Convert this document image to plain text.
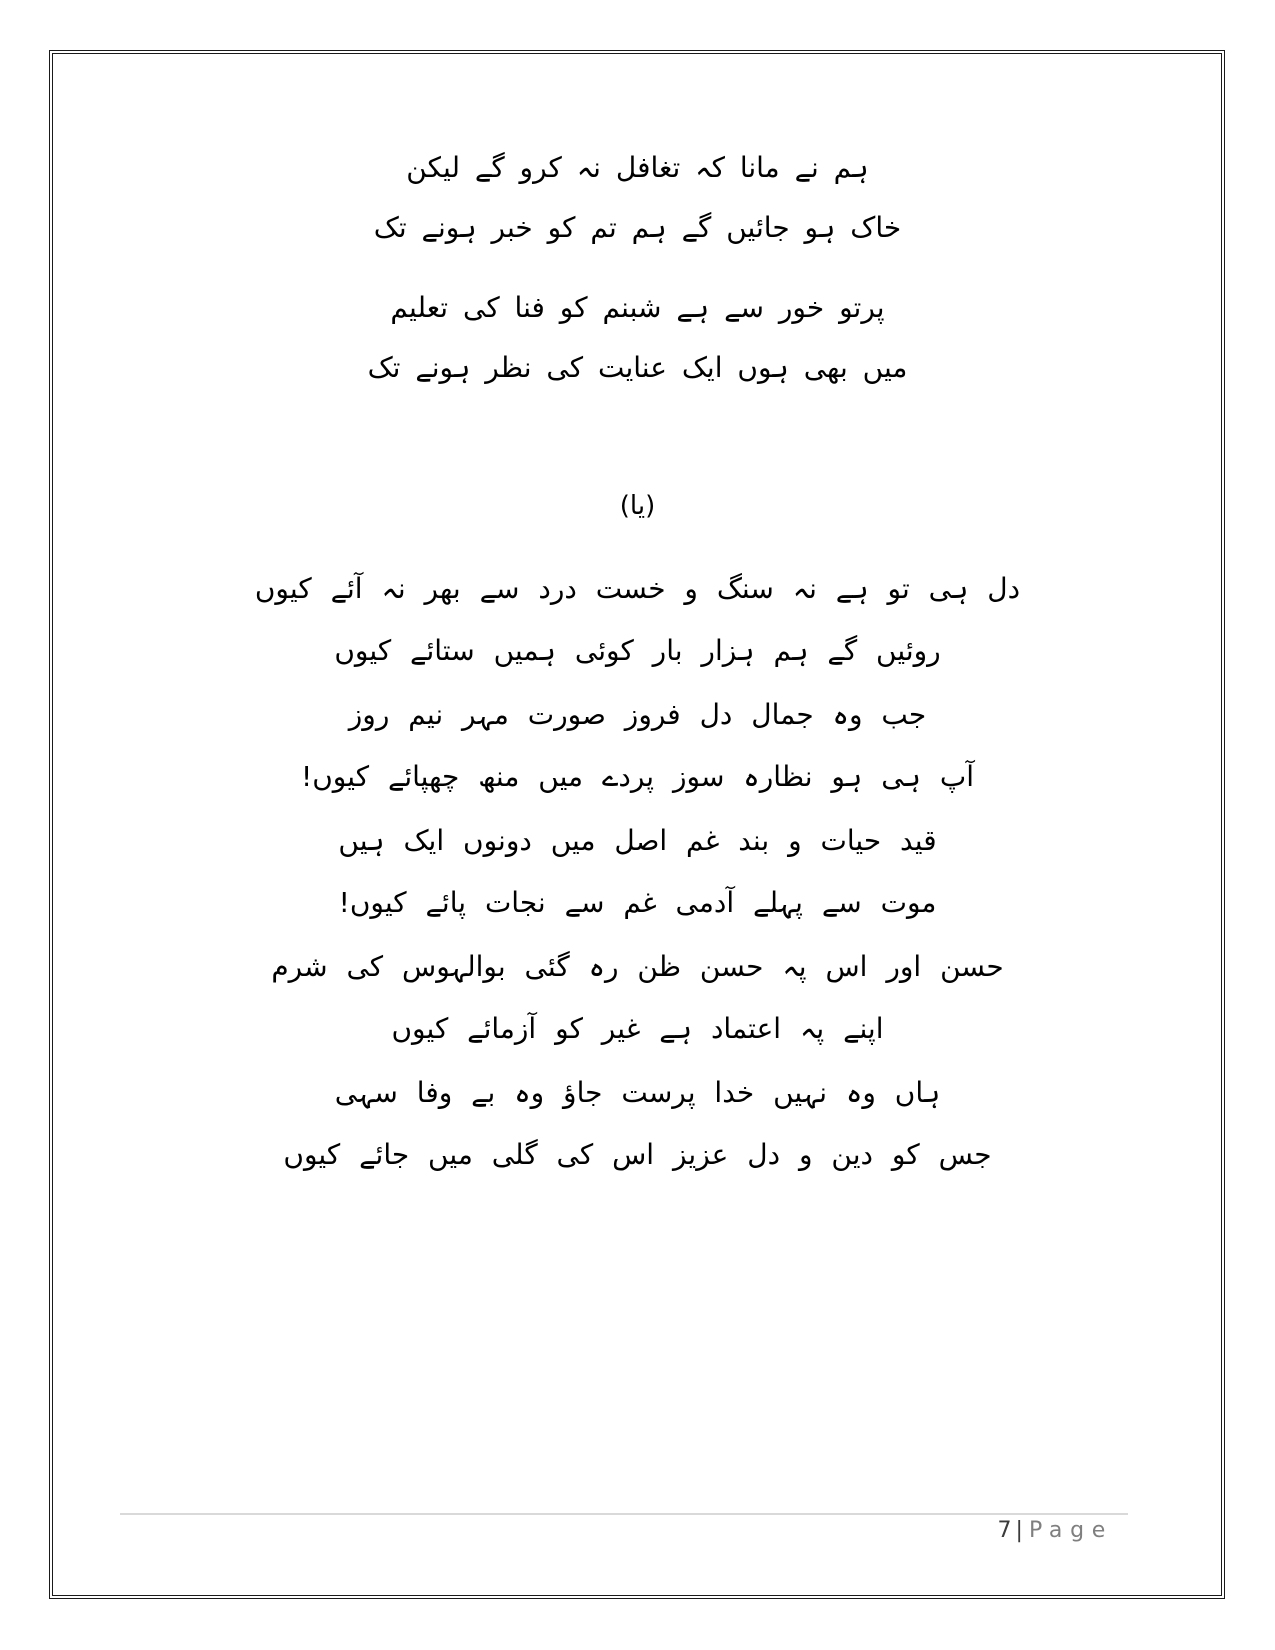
ہم نے مانا کہ تغافل نہ کرو گے لیکن

خاک ہو جائیں گے ہم تم کو خبر ہونے تک

پرتو خور سے ہے شبنم کو فنا کی تعلیم

میں بھی ہوں ایک عنایت کی نظر ہونے تک

(یا)

دل ہی تو ہے نہ سنگ و خست درد سے بھر نہ آئے کیوں

روئیں گے ہم ہزار بار کوئی ہمیں ستائے کیوں

جب وہ جمال دل فروز صورت مہر نیم روز

آپ ہی ہو نظارہ سوز پردے میں منھ چھپائے کیوں!

قید حیات و بند غم اصل میں دونوں ایک ہیں

موت سے پہلے آدمی غم سے نجات پائے کیوں!

حسن اور اس پہ حسن ظن رہ گئی بوالہوس کی شرم

اپنے پہ اعتماد ہے غیر کو آزمائے کیوں

ہاں وہ نہیں خدا پرست جاؤ وہ بے وفا سہی

جس کو دین و دل عزیز اس کی گلی میں جائے کیوں

7 | Page
